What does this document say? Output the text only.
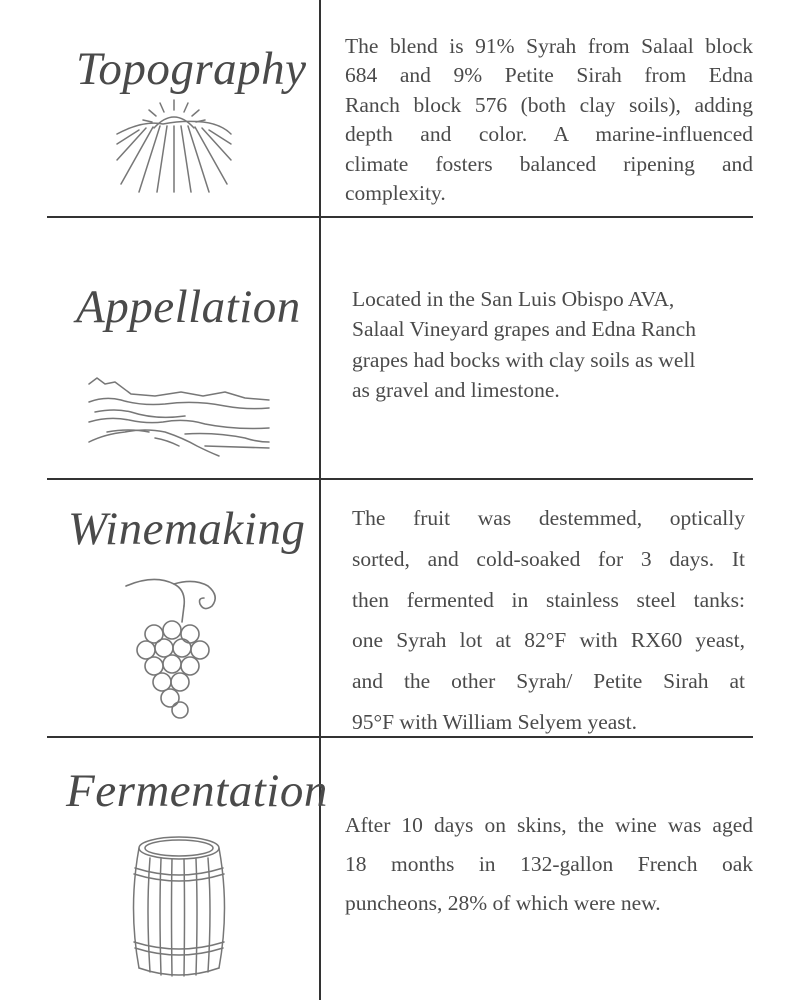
Topography The blend is 91% Syrah from Salaal block
684 and 9% Petite Sirah from Edna
Ranch block 576 (both clay soils), adding
depth and color. A marine-influenced
climate fosters balanced ripening and
complexity.
Appellation Located in the San Luis Obispo AVA,
Salaal Vineyard grapes and Edna Ranch
grapes had bocks with clay soils as well
as gravel and limestone.
Winemaking The fruit was destemmed, optically
sorted, and cold-soaked for 3 days. It
then fermented in stainless steel tanks:
one Syrah lot at 82°F with RX60 yeast,
and the other Syrah/ Petite Sirah at
95°F with William Selyem yeast.
Fermentation
After 10 days on skins, the wine was aged
18 months in 132-gallon French oak
puncheons, 28% of which were new.
